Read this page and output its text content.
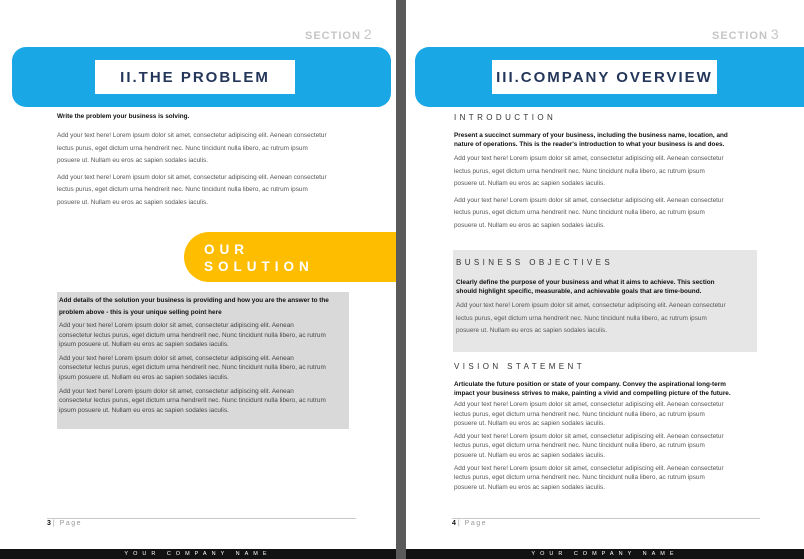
SECTION 2
II.THE PROBLEM

Write the problem your business is solving.

Add your text here! Lorem ipsum dolor sit amet, consectetur adipiscing elit. Aenean consectetur

lectus purus, eget dictum urna hendrerit nec. Nunc tincidunt nulla libero, ac rutrum ipsum

posuere ut. Nullam eu eros ac sapien sodales iaculis.

Add your text here! Lorem ipsum dolor sit amet, consectetur adipiscing elit. Aenean consectetur

lectus purus, eget dictum urna hendrerit nec. Nunc tincidunt nulla libero, ac rutrum ipsum

posuere ut. Nullam eu eros ac sapien sodales iaculis.

OUR
SOLUTION

Add details of the solution your business is providing and how you are the answer to the

problem above - this is your unique selling point here

Add your text here! Lorem ipsum dolor sit amet, consectetur adipiscing elit. Aenean

consectetur lectus purus, eget dictum urna hendrerit nec. Nunc tincidunt nulla libero, ac rutrum

ipsum posuere ut. Nullam eu eros ac sapien sodales iaculis.

Add your text here! Lorem ipsum dolor sit amet, consectetur adipiscing elit. Aenean

consectetur lectus purus, eget dictum urna hendrerit nec. Nunc tincidunt nulla libero, ac rutrum

ipsum posuere ut. Nullam eu eros ac sapien sodales iaculis.

Add your text here! Lorem ipsum dolor sit amet, consectetur adipiscing elit. Aenean

consectetur lectus purus, eget dictum urna hendrerit nec. Nunc tincidunt nulla libero, ac rutrum

ipsum posuere ut. Nullam eu eros ac sapien sodales iaculis.

3 | Page
YOUR COMPANY NAME
SECTION 3
III.COMPANY OVERVIEW
INTRODUCTION

Present a succinct summary of your business, including the business name, location, and

nature of operations. This is the reader's introduction to what your business is and does.

Add your text here! Lorem ipsum dolor sit amet, consectetur adipiscing elit. Aenean consectetur

lectus purus, eget dictum urna hendrerit nec. Nunc tincidunt nulla libero, ac rutrum ipsum

posuere ut. Nullam eu eros ac sapien sodales iaculis.

Add your text here! Lorem ipsum dolor sit amet, consectetur adipiscing elit. Aenean consectetur

lectus purus, eget dictum urna hendrerit nec. Nunc tincidunt nulla libero, ac rutrum ipsum

posuere ut. Nullam eu eros ac sapien sodales iaculis.

BUSINESS OBJECTIVES

Clearly define the purpose of your business and what it aims to achieve. This section

should highlight specific, measurable, and achievable goals that are time-bound.

Add your text here! Lorem ipsum dolor sit amet, consectetur adipiscing elit. Aenean consectetur

lectus purus, eget dictum urna hendrerit nec. Nunc tincidunt nulla libero, ac rutrum ipsum

posuere ut. Nullam eu eros ac sapien sodales iaculis.

VISION STATEMENT

Articulate the future position or state of your company. Convey the aspirational long-term

impact your business strives to make, painting a vivid and compelling picture of the future.

Add your text here! Lorem ipsum dolor sit amet, consectetur adipiscing elit. Aenean consectetur

lectus purus, eget dictum urna hendrerit nec. Nunc tincidunt nulla libero, ac rutrum ipsum

posuere ut. Nullam eu eros ac sapien sodales iaculis.

Add your text here! Lorem ipsum dolor sit amet, consectetur adipiscing elit. Aenean consectetur

lectus purus, eget dictum urna hendrerit nec. Nunc tincidunt nulla libero, ac rutrum ipsum

posuere ut. Nullam eu eros ac sapien sodales iaculis.

Add your text here! Lorem ipsum dolor sit amet, consectetur adipiscing elit. Aenean consectetur

lectus purus, eget dictum urna hendrerit nec. Nunc tincidunt nulla libero, ac rutrum ipsum

posuere ut. Nullam eu eros ac sapien sodales iaculis.

4 | Page
YOUR COMPANY NAME
